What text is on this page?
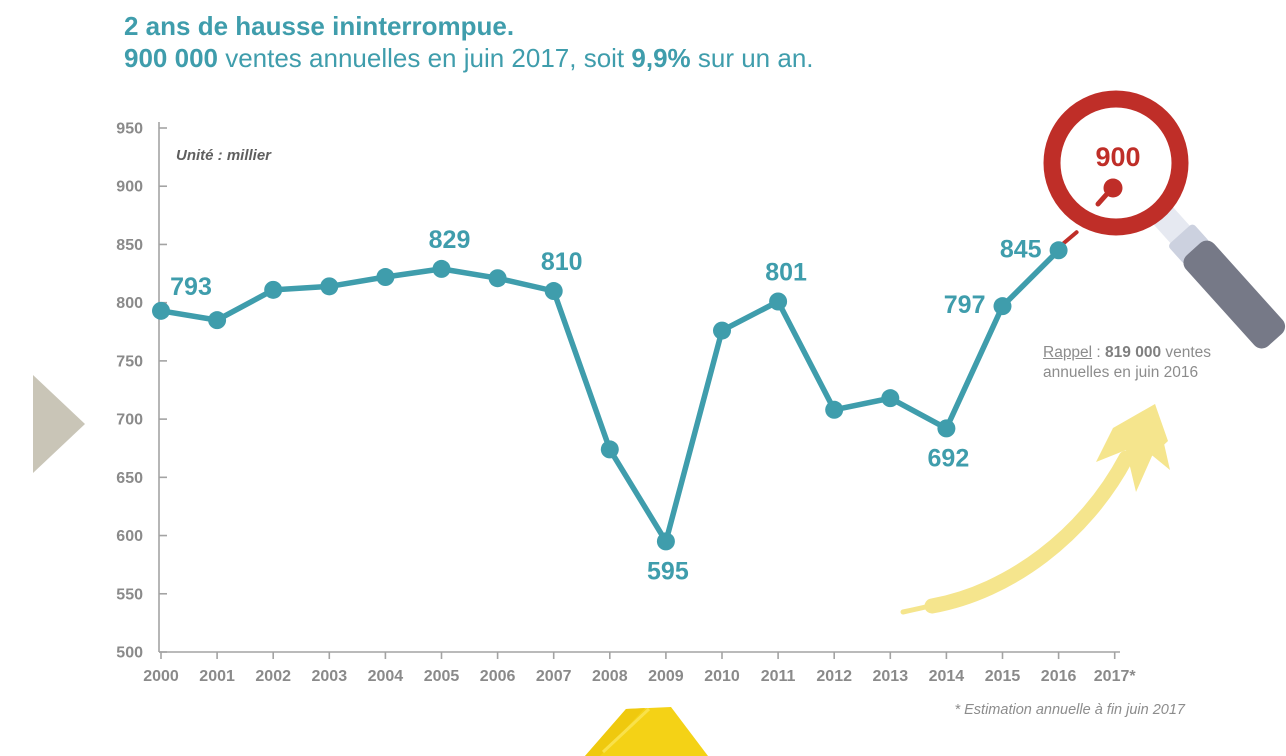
2 ans de hausse ininterrompue.
900 000 ventes annuelles en juin 2017, soit 9,9% sur un an.
500
550
600
650
700
750
800
850
900
950
2000 2001 2002 2003 2004 2005 2006 2007 2008 2009 2010 2011 2012 2013 2014 2015 2016 2017*
Unité : millier
793
829
810
595
801
692
797
845
900
Rappel : 819 000 ventes annuelles en juin 2016
* Estimation annuelle à fin juin 2017
